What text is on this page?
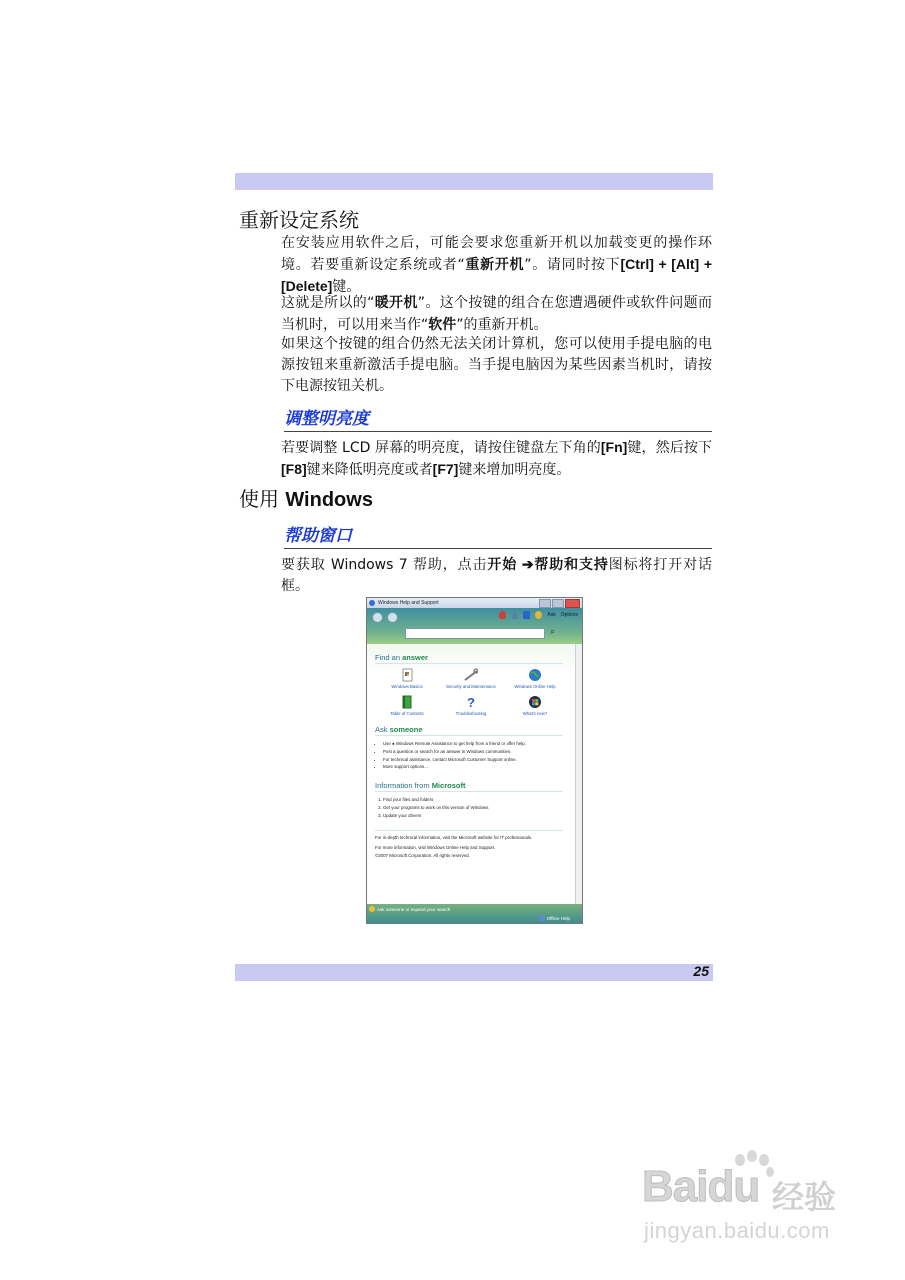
重新设定系统

在安装应用软件之后，可能会要求您重新开机以加载变更的操作环境。若要重新设定系统或者“重新开机”。请同时按下[Ctrl] + [Alt] + [Delete]键。

这就是所以的“暖开机”。这个按键的组合在您遭遇硬件或软件问题而当机时，可以用来当作“软件”的重新开机。

如果这个按键的组合仍然无法关闭计算机，您可以使用手提电脑的电源按钮来重新激活手提电脑。当手提电脑因为某些因素当机时，请按下电源按钮关机。

调整明亮度

若要调整 LCD 屏幕的明亮度，请按住键盘左下角的[Fn]键，然后按下[F8]键来降低明亮度或者[F7]键来增加明亮度。

使用 Windows
帮助窗口

要获取 Windows 7 帮助，点击开始 ➔帮助和支持图标将打开对话框。

Windows Help and Support
Ask Options
⌕
Find an answer
Windows Basics	Security and Maintenance	Windows Online Help
Table of Contents
?
Troubleshooting	What's new?
Ask someone
• Use ● Windows Remote Assistance to get help from a friend or offer help.
• Post a question or search for an answer in Windows communities.
• For technical assistance, contact Microsoft Customer Support online.
• More support options...
Information from Microsoft
1. Find your files and folders
2. Get your programs to work on this version of Windows
3. Update your drivers
For in-depth technical information, visit the Microsoft website for IT professionals.
For more information, visit Windows Online Help and Support.
©2007 Microsoft Corporation. All rights reserved.
Ask someone or expand your search
Offline Help
25
Baidu 经验
jingyan.baidu.com
